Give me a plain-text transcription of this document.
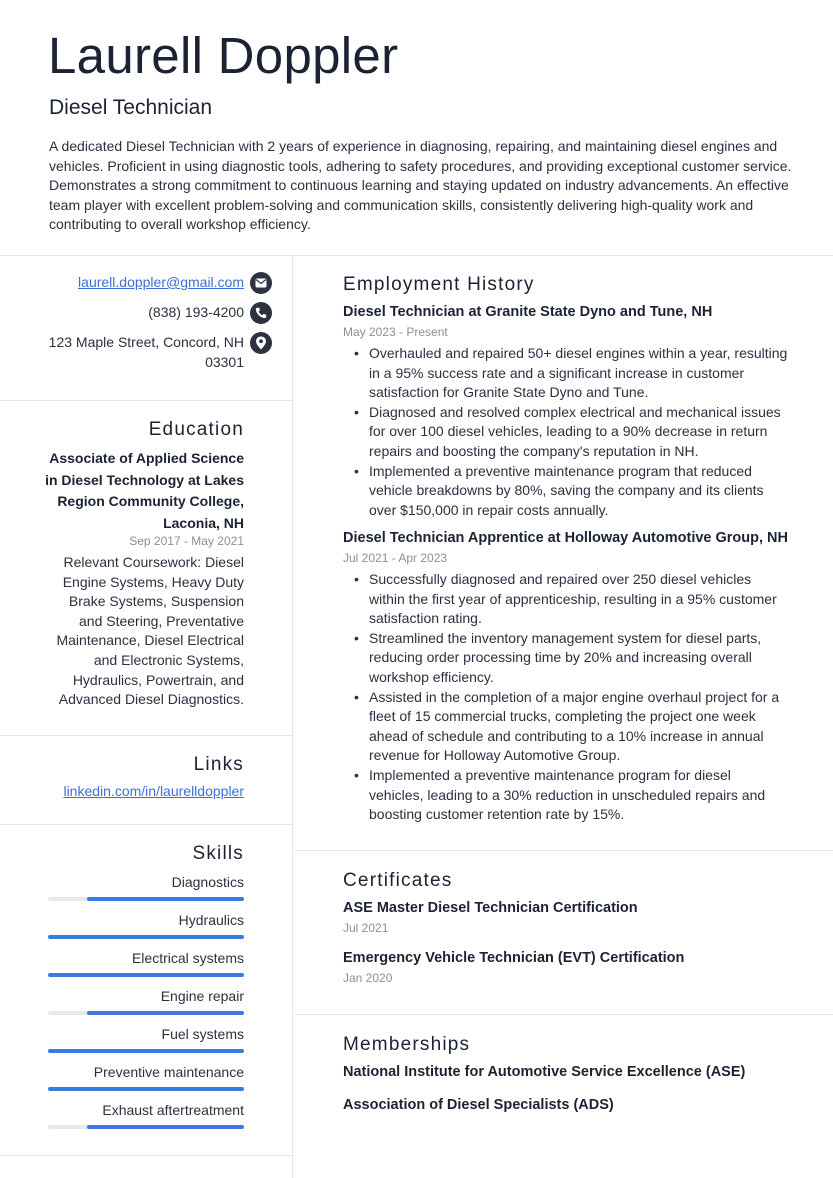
Laurell Doppler
Diesel Technician
A dedicated Diesel Technician with 2 years of experience in diagnosing, repairing, and maintaining diesel engines and vehicles. Proficient in using diagnostic tools, adhering to safety procedures, and providing exceptional customer service. Demonstrates a strong commitment to continuous learning and staying updated on industry advancements. An effective team player with excellent problem-solving and communication skills, consistently delivering high-quality work and contributing to overall workshop efficiency.
laurell.doppler@gmail.com
(838) 193-4200
123 Maple Street, Concord, NH 03301
Education
Associate of Applied Science in Diesel Technology at Lakes Region Community College, Laconia, NH
Sep 2017 - May 2021
Relevant Coursework: Diesel Engine Systems, Heavy Duty Brake Systems, Suspension and Steering, Preventative Maintenance, Diesel Electrical and Electronic Systems, Hydraulics, Powertrain, and Advanced Diesel Diagnostics.
Links
linkedin.com/in/laurelldoppler
Skills
Diagnostics
Hydraulics
Electrical systems
Engine repair
Fuel systems
Preventive maintenance
Exhaust aftertreatment
Employment History
Diesel Technician at Granite State Dyno and Tune, NH
May 2023 - Present
• Overhauled and repaired 50+ diesel engines within a year, resulting in a 95% success rate and a significant increase in customer satisfaction for Granite State Dyno and Tune.
• Diagnosed and resolved complex electrical and mechanical issues for over 100 diesel vehicles, leading to a 90% decrease in return repairs and boosting the company's reputation in NH.
• Implemented a preventive maintenance program that reduced vehicle breakdowns by 80%, saving the company and its clients over $150,000 in repair costs annually.
Diesel Technician Apprentice at Holloway Automotive Group, NH
Jul 2021 - Apr 2023
• Successfully diagnosed and repaired over 250 diesel vehicles within the first year of apprenticeship, resulting in a 95% customer satisfaction rating.
• Streamlined the inventory management system for diesel parts, reducing order processing time by 20% and increasing overall workshop efficiency.
• Assisted in the completion of a major engine overhaul project for a fleet of 15 commercial trucks, completing the project one week ahead of schedule and contributing to a 10% increase in annual revenue for Holloway Automotive Group.
• Implemented a preventive maintenance program for diesel vehicles, leading to a 30% reduction in unscheduled repairs and boosting customer retention rate by 15%.
Certificates
ASE Master Diesel Technician Certification
Jul 2021
Emergency Vehicle Technician (EVT) Certification
Jan 2020
Memberships
National Institute for Automotive Service Excellence (ASE)
Association of Diesel Specialists (ADS)
